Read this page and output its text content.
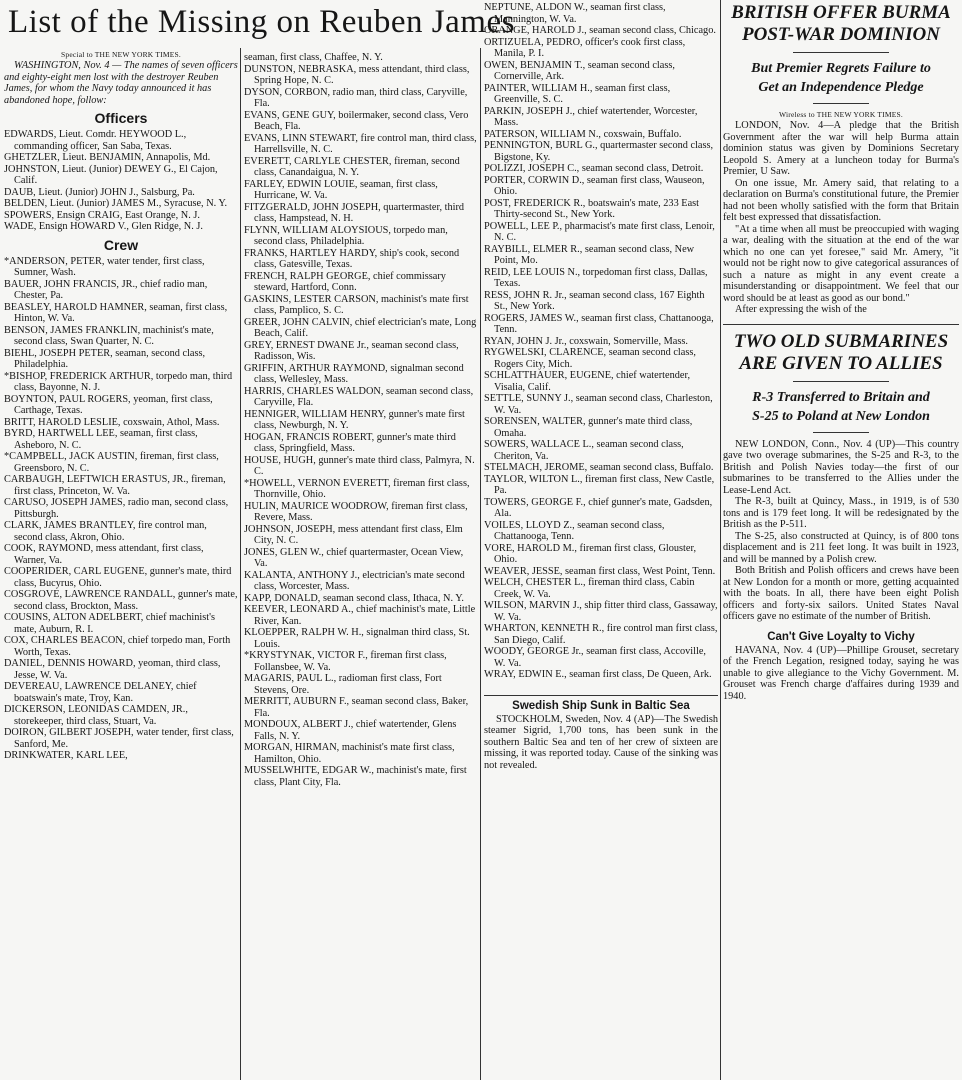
List of the Missing on Reuben James

Special to THE NEW YORK TIMES.

WASHINGTON, Nov. 4 — The names of seven officers and eighty-eight men lost with the destroyer Reuben James, for whom the Navy today announced it has abandoned hope, follow:

Officers

EDWARDS, Lieut. Comdr. HEYWOOD L., commanding officer, San Saba, Texas.

GHETZLER, Lieut. BENJAMIN, Annapolis, Md.

JOHNSTON, Lieut. (Junior) DEWEY G., El Cajon, Calif.

DAUB, Lieut. (Junior) JOHN J., Salsburg, Pa.

BELDEN, Lieut. (Junior) JAMES M., Syracuse, N. Y.

SPOWERS, Ensign CRAIG, East Orange, N. J.

WADE, Ensign HOWARD V., Glen Ridge, N. J.

Crew

*ANDERSON, PETER, water tender, first class, Sumner, Wash.

BAUER, JOHN FRANCIS, JR., chief radio man, Chester, Pa.

BEASLEY, HAROLD HAMNER, seaman, first class, Hinton, W. Va.

BENSON, JAMES FRANKLIN, machinist's mate, second class, Swan Quarter, N. C.

BIEHL, JOSEPH PETER, seaman, second class, Philadelphia.

*BISHOP, FREDERICK ARTHUR, torpedo man, third class, Bayonne, N. J.

BOYNTON, PAUL ROGERS, yeoman, first class, Carthage, Texas.

BRITT, HAROLD LESLIE, coxswain, Athol, Mass.

BYRD, HARTWELL LEE, seaman, first class, Asheboro, N. C.

*CAMPBELL, JACK AUSTIN, fireman, first class, Greensboro, N. C.

CARBAUGH, LEFTWICH ERASTUS, JR., fireman, first class, Princeton, W. Va.

CARUSO, JOSEPH JAMES, radio man, second class, Pittsburgh.

CLARK, JAMES BRANTLEY, fire control man, second class, Akron, Ohio.

COOK, RAYMOND, mess attendant, first class, Warner, Va.

COOPERIDER, CARL EUGENE, gunner's mate, third class, Bucyrus, Ohio.

COSGROVE, LAWRENCE RANDALL, gunner's mate, second class, Brockton, Mass.

COUSINS, ALTON ADELBERT, chief machinist's mate, Auburn, R. I.

COX, CHARLES BEACON, chief torpedo man, Forth Worth, Texas.

DANIEL, DENNIS HOWARD, yeoman, third class, Jesse, W. Va.

DEVEREAU, LAWRENCE DELANEY, chief boatswain's mate, Troy, Kan.

DICKERSON, LEONIDAS CAMDEN, JR., storekeeper, third class, Stuart, Va.

DOIRON, GILBERT JOSEPH, water tender, first class, Sanford, Me.

DRINKWATER, KARL LEE,

seaman, first class, Chaffee, N. Y.

DUNSTON, NEBRASKA, mess attendant, third class, Spring Hope, N. C.

DYSON, CORBON, radio man, third class, Caryville, Fla.

EVANS, GENE GUY, boilermaker, second class, Vero Beach, Fla.

EVANS, LINN STEWART, fire control man, third class, Harrellsville, N. C.

EVERETT, CARLYLE CHESTER, fireman, second class, Canandaigua, N. Y.

FARLEY, EDWIN LOUIE, seaman, first class, Hurricane, W. Va.

FITZGERALD, JOHN JOSEPH, quartermaster, third class, Hampstead, N. H.

FLYNN, WILLIAM ALOYSIOUS, torpedo man, second class, Philadelphia.

FRANKS, HARTLEY HARDY, ship's cook, second class, Gatesville, Texas.

FRENCH, RALPH GEORGE, chief commissary steward, Hartford, Conn.

GASKINS, LESTER CARSON, machinist's mate first class, Pamplico, S. C.

GREER, JOHN CALVIN, chief electrician's mate, Long Beach, Calif.

GREY, ERNEST DWANE Jr., seaman second class, Radisson, Wis.

GRIFFIN, ARTHUR RAYMOND, signalman second class, Wellesley, Mass.

HARRIS, CHARLES WALDON, seaman second class, Caryville, Fla.

HENNIGER, WILLIAM HENRY, gunner's mate first class, Newburgh, N. Y.

HOGAN, FRANCIS ROBERT, gunner's mate third class, Springfield, Mass.

HOUSE, HUGH, gunner's mate third class, Palmyra, N. C.

*HOWELL, VERNON EVERETT, fireman first class, Thornville, Ohio.

HULIN, MAURICE WOODROW, fireman first class, Revere, Mass.

JOHNSON, JOSEPH, mess attendant first class, Elm City, N. C.

JONES, GLEN W., chief quartermaster, Ocean View, Va.

KALANTA, ANTHONY J., electrician's mate second class, Worcester, Mass.

KAPP, DONALD, seaman second class, Ithaca, N. Y.

KEEVER, LEONARD A., chief machinist's mate, Little River, Kan.

KLOEPPER, RALPH W. H., signalman third class, St. Louis.

*KRYSTYNAK, VICTOR F., fireman first class, Follansbee, W. Va.

MAGARIS, PAUL L., radioman first class, Fort Stevens, Ore.

MERRITT, AUBURN F., seaman second class, Baker, Fla.

MONDOUX, ALBERT J., chief watertender, Glens Falls, N. Y.

MORGAN, HIRMAN, machinist's mate first class, Hamilton, Ohio.

MUSSELWHITE, EDGAR W., machinist's mate, first class, Plant City, Fla.

NEPTUNE, ALDON W., seaman first class, Mannington, W. Va.

ORANGE, HAROLD J., seaman second class, Chicago.

ORTIZUELA, PEDRO, officer's cook first class, Manila, P. I.

OWEN, BENJAMIN T., seaman second class, Cornerville, Ark.

PAINTER, WILLIAM H., seaman first class, Greenville, S. C.

PARKIN, JOSEPH J., chief watertender, Worcester, Mass.

PATERSON, WILLIAM N., coxswain, Buffalo.

PENNINGTON, BURL G., quartermaster second class, Bigstone, Ky.

POLIZZI, JOSEPH C., seaman second class, Detroit.

PORTER, CORWIN D., seaman first class, Wauseon, Ohio.

POST, FREDERICK R., boatswain's mate, 233 East Thirty-second St., New York.

POWELL, LEE P., pharmacist's mate first class, Lenoir, N. C.

RAYBILL, ELMER R., seaman second class, New Point, Mo.

REID, LEE LOUIS N., torpedoman first class, Dallas, Texas.

RESS, JOHN R. Jr., seaman second class, 167 Eighth St., New York.

ROGERS, JAMES W., seaman first class, Chattanooga, Tenn.

RYAN, JOHN J. Jr., coxswain, Somerville, Mass.

RYGWELSKI, CLARENCE, seaman second class, Rogers City, Mich.

SCHLATTHAUER, EUGENE, chief watertender, Visalia, Calif.

SETTLE, SUNNY J., seaman second class, Charleston, W. Va.

SORENSEN, WALTER, gunner's mate third class, Omaha.

SOWERS, WALLACE L., seaman second class, Cheriton, Va.

STELMACH, JEROME, seaman second class, Buffalo.

TAYLOR, WILTON L., fireman first class, New Castle, Pa.

TOWERS, GEORGE F., chief gunner's mate, Gadsden, Ala.

VOILES, LLOYD Z., seaman second class, Chattanooga, Tenn.

VORE, HAROLD M., fireman first class, Glouster, Ohio.

WEAVER, JESSE, seaman first class, West Point, Tenn.

WELCH, CHESTER L., fireman third class, Cabin Creek, W. Va.

WILSON, MARVIN J., ship fitter third class, Gassaway, W. Va.

WHARTON, KENNETH R., fire control man first class, San Diego, Calif.

WOODY, GEORGE Jr., seaman first class, Accoville, W. Va.

WRAY, EDWIN E., seaman first class, De Queen, Ark.

Swedish Ship Sunk in Baltic Sea

STOCKHOLM, Sweden, Nov. 4 (AP)—The Swedish steamer Sigrid, 1,700 tons, has been sunk in the southern Baltic Sea and ten of her crew of sixteen are missing, it was reported today. Cause of the sinking was not revealed.

BRITISH OFFER BURMA
POST-WAR DOMINION
But Premier Regrets Failure to
Get an Independence Pledge

Wireless to THE NEW YORK TIMES.

LONDON, Nov. 4—A pledge that the British Government after the war will help Burma attain dominion status was given by Dominions Secretary Leopold S. Amery at a luncheon today for Burma's Premier, U Saw.

On one issue, Mr. Amery said, that relating to a declaration on Burma's constitutional future, the Premier had not been wholly satisfied with the form that Britain felt best expressed that dissatisfaction.

"At a time when all must be preoccupied with waging a war, dealing with the situation at the end of the war which no one can yet foresee," said Mr. Amery, "it would not be right now to give categorical assurances of such a nature as might in any event create a misunderstanding or disappointment. We feel that our word should be at least as good as our bond."

After expressing the wish of the

TWO OLD SUBMARINES
ARE GIVEN TO ALLIES
R-3 Transferred to Britain and
S-25 to Poland at New London

NEW LONDON, Conn., Nov. 4 (UP)—This country gave two overage submarines, the S-25 and R-3, to the British and Polish Navies today—the first of our submarines to be transferred to the Allies under the Lease-Lend Act.

The R-3, built at Quincy, Mass., in 1919, is of 530 tons and is 179 feet long. It will be redesignated by the British as the P-511.

The S-25, also constructed at Quincy, is of 800 tons displacement and is 211 feet long. It was built in 1923, and will be manned by a Polish crew.

Both British and Polish officers and crews have been at New London for a month or more, getting acquainted with the boats. In all, there have been eight Polish officers and forty-six sailors. United States Naval officers gave no estimate of the number of British.

Can't Give Loyalty to Vichy

HAVANA, Nov. 4 (UP)—Phillipe Grouset, secretary of the French Legation, resigned today, saying he was unable to give allegiance to the Vichy Government. M. Grouset was French charge d'affaires during 1939 and 1940.
